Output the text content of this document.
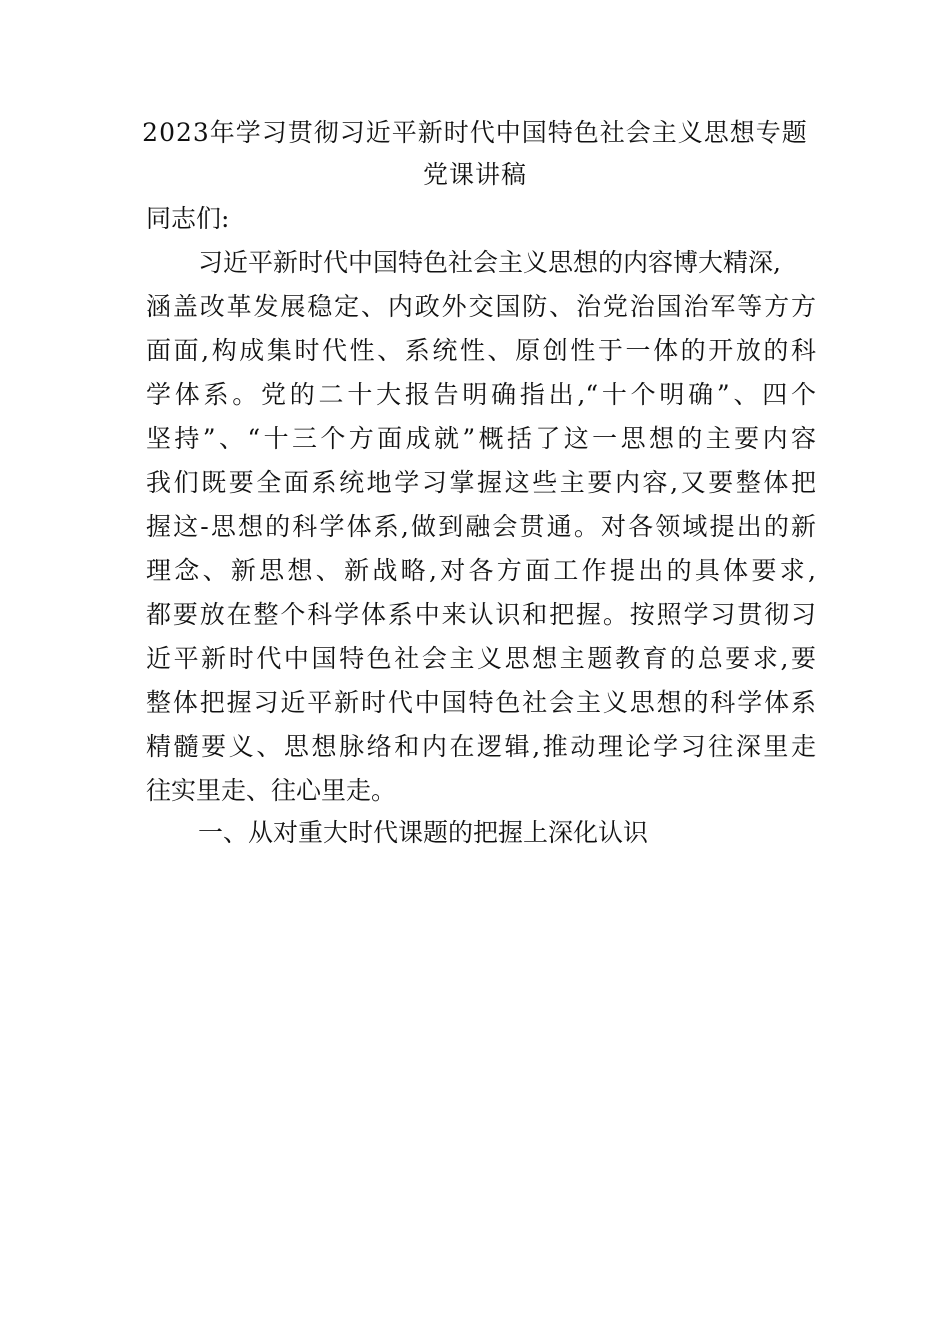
2023年学习贯彻习近平新时代中国特色社会主义思想专题
党课讲稿

同志们:

习近平新时代中国特色社会主义思想的内容博大精深,

涵盖改革发展稳定、内政外交国防、治党治国治军等方方

面面,构成集时代性、系统性、原创性于一体的开放的科

学体系。党的二十大报告明确指出,“十个明确”、四个

坚持”、“十三个方面成就”概括了这一思想的主要内容

我们既要全面系统地学习掌握这些主要内容,又要整体把

握这-思想的科学体系,做到融会贯通。对各领域提出的新

理念、新思想、新战略,对各方面工作提出的具体要求,

都要放在整个科学体系中来认识和把握。按照学习贯彻习

近平新时代中国特色社会主义思想主题教育的总要求,要

整体把握习近平新时代中国特色社会主义思想的科学体系

精髓要义、思想脉络和内在逻辑,推动理论学习往深里走

往实里走、往心里走。

一、从对重大时代课题的把握上深化认识
